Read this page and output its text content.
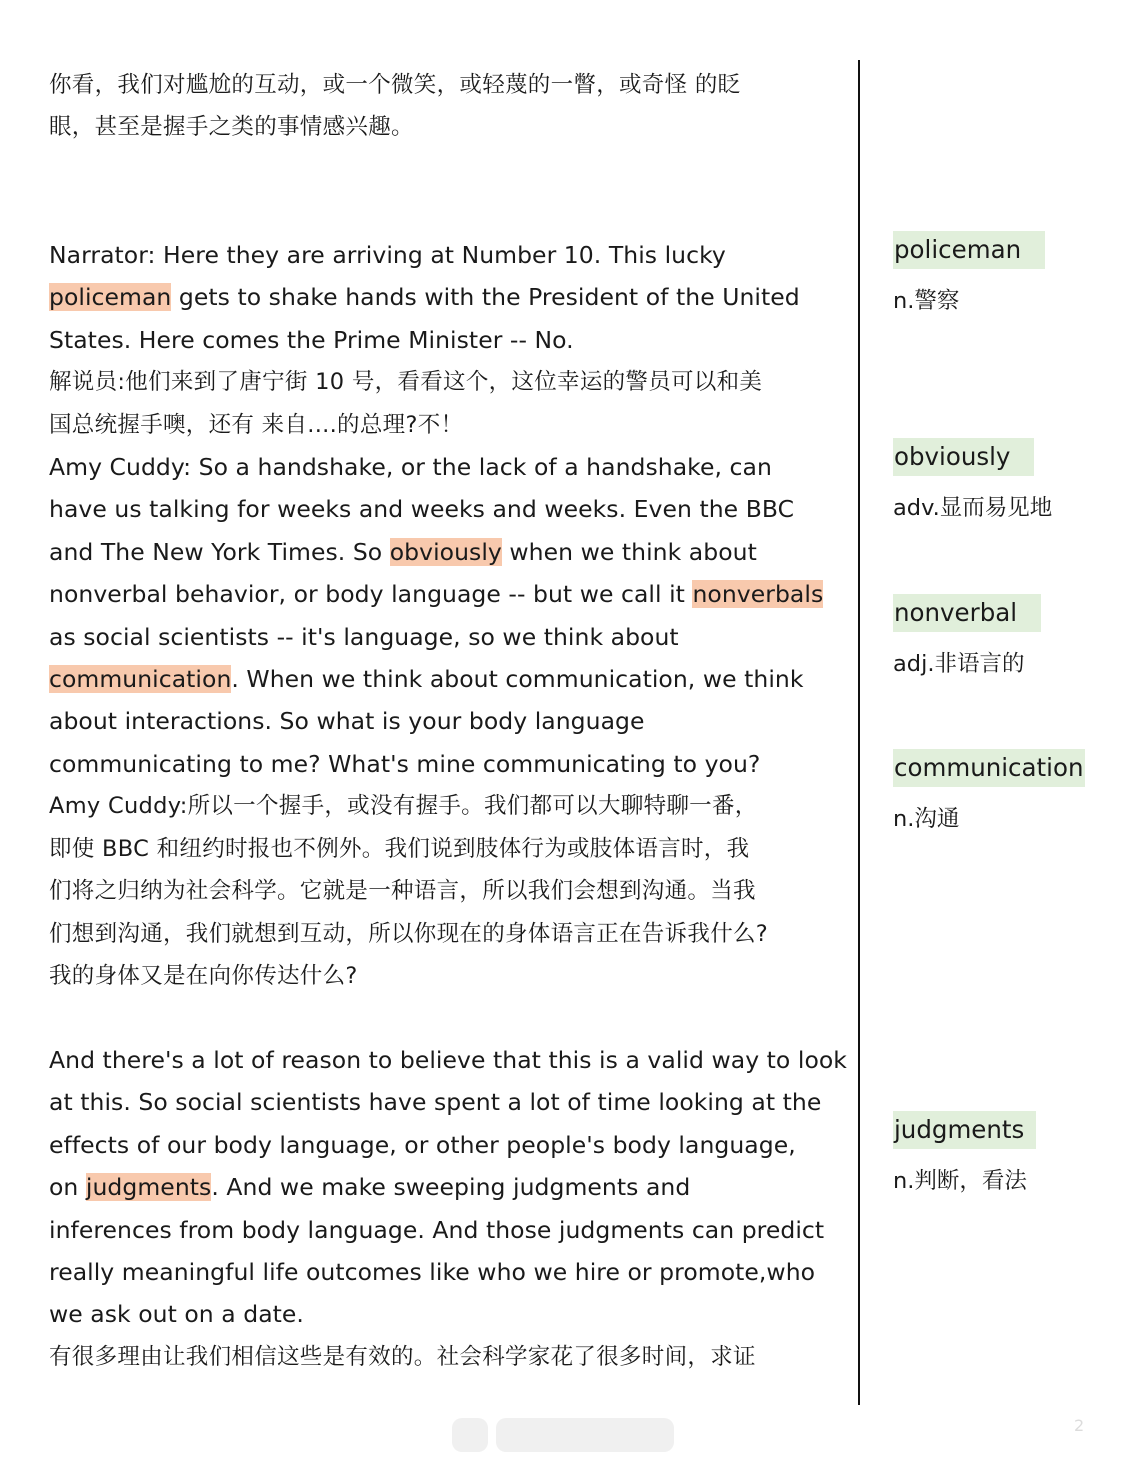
你看，我们对尴尬的互动，或一个微笑，或轻蔑的一瞥，或奇怪 的眨
眼，甚至是握手之类的事情感兴趣。
Narrator: Here they are arriving at Number 10. This lucky
policeman gets to shake hands with the President of the United
States. Here comes the Prime Minister -- No.
解说员:他们来到了唐宁街 10 号，看看这个，这位幸运的警员可以和美
国总统握手噢，还有 来自....的总理?不！
Amy Cuddy: So a handshake, or the lack of a handshake, can
have us talking for weeks and weeks and weeks. Even the BBC
and The New York Times. So obviously when we think about
nonverbal behavior, or body language -- but we call it nonverbals
as social scientists -- it's language, so we think about
communication. When we think about communication, we think
about interactions. So what is your body language
communicating to me? What's mine communicating to you?
Amy Cuddy:所以一个握手，或没有握手。我们都可以大聊特聊一番，
即使 BBC 和纽约时报也不例外。我们说到肢体行为或肢体语言时，我
们将之归纳为社会科学。它就是一种语言，所以我们会想到沟通。当我
们想到沟通，我们就想到互动，所以你现在的身体语言正在告诉我什么?
我的身体又是在向你传达什么?
And there's a lot of reason to believe that this is a valid way to look
at this. So social scientists have spent a lot of time looking at the
effects of our body language, or other people's body language,
on judgments. And we make sweeping judgments and
inferences from body language. And those judgments can predict
really meaningful life outcomes like who we hire or promote,who
we ask out on a date.
有很多理由让我们相信这些是有效的。社会科学家花了很多时间，求证
policeman
n.警察
obviously
adv.显而易见地
nonverbal
adj.非语言的
communication
n.沟通
judgments
n.判断，看法
2
